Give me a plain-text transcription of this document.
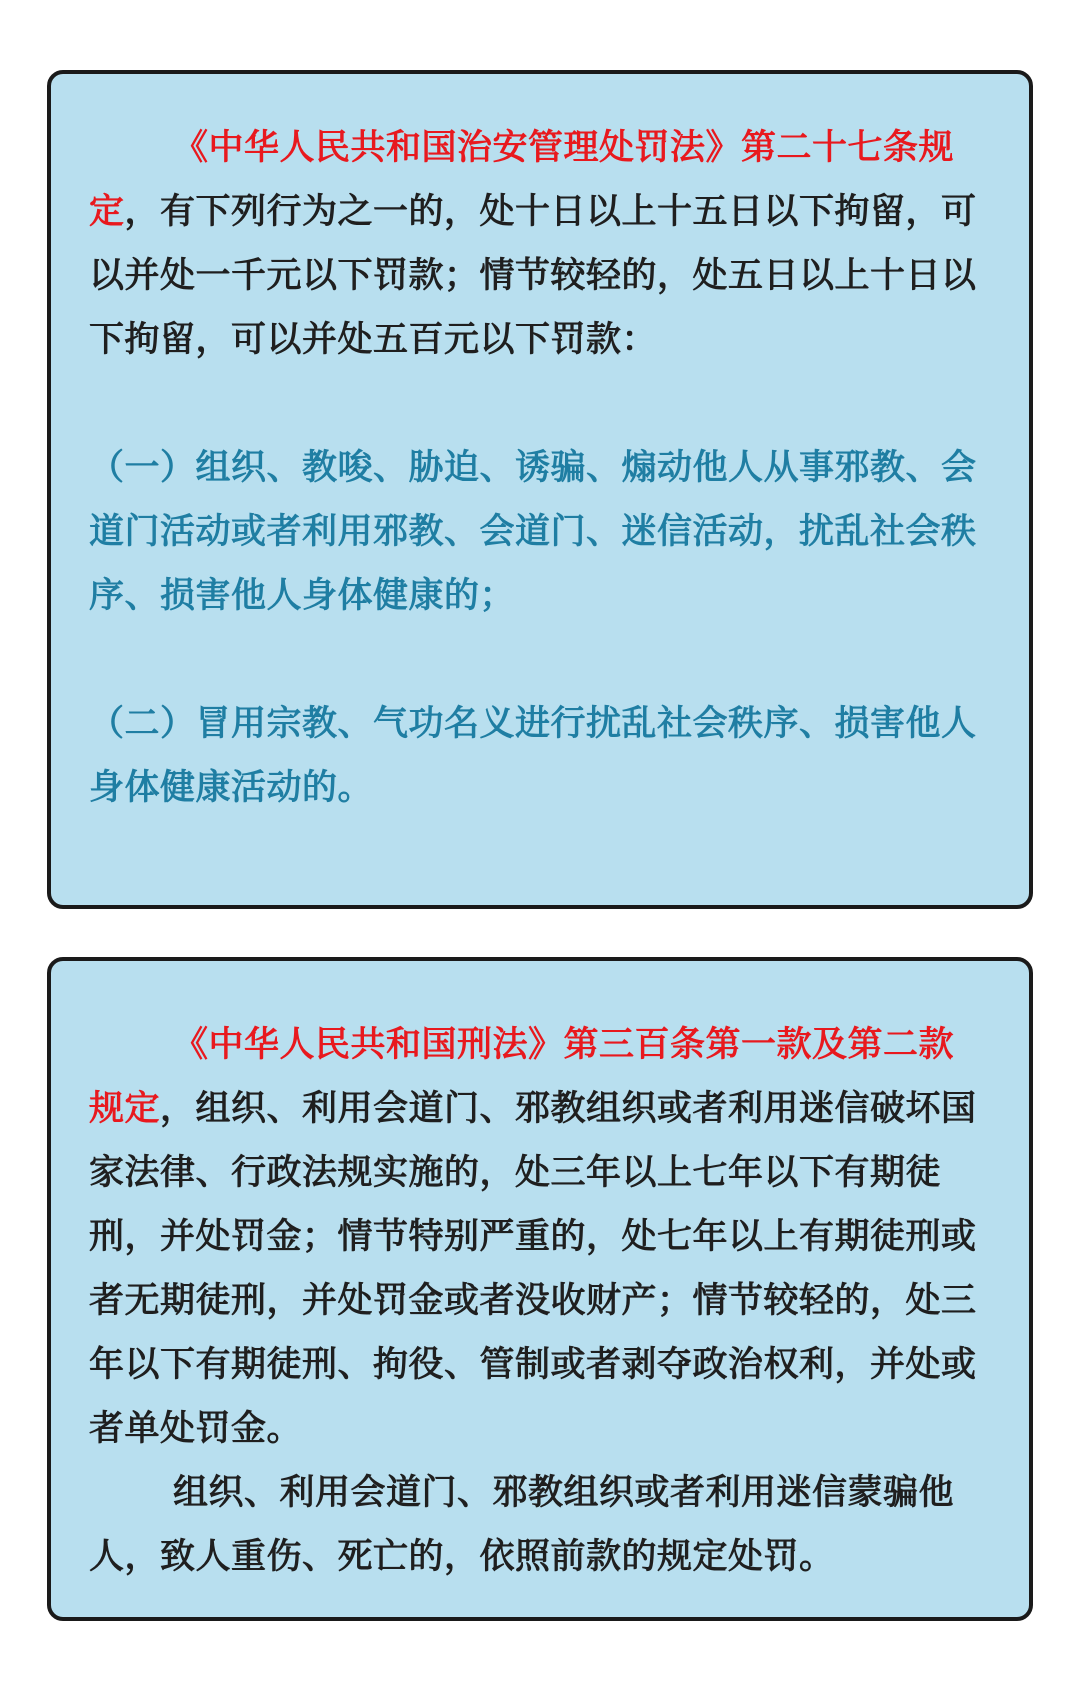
《中华人民共和国治安管理处罚法》第二十七条规定，有下列行为之一的，处十日以上十五日以下拘留，可以并处一千元以下罚款；情节较轻的，处五日以上十日以下拘留，可以并处五百元以下罚款：

（一）组织、教唆、胁迫、诱骗、煽动他人从事邪教、会道门活动或者利用邪教、会道门、迷信活动，扰乱社会秩序、损害他人身体健康的；

（二）冒用宗教、气功名义进行扰乱社会秩序、损害他人身体健康活动的。

《中华人民共和国刑法》第三百条第一款及第二款规定，组织、利用会道门、邪教组织或者利用迷信破坏国家法律、行政法规实施的，处三年以上七年以下有期徒刑，并处罚金；情节特别严重的，处七年以上有期徒刑或者无期徒刑，并处罚金或者没收财产；情节较轻的，处三年以下有期徒刑、拘役、管制或者剥夺政治权利，并处或者单处罚金。

组织、利用会道门、邪教组织或者利用迷信蒙骗他人，致人重伤、死亡的，依照前款的规定处罚。
